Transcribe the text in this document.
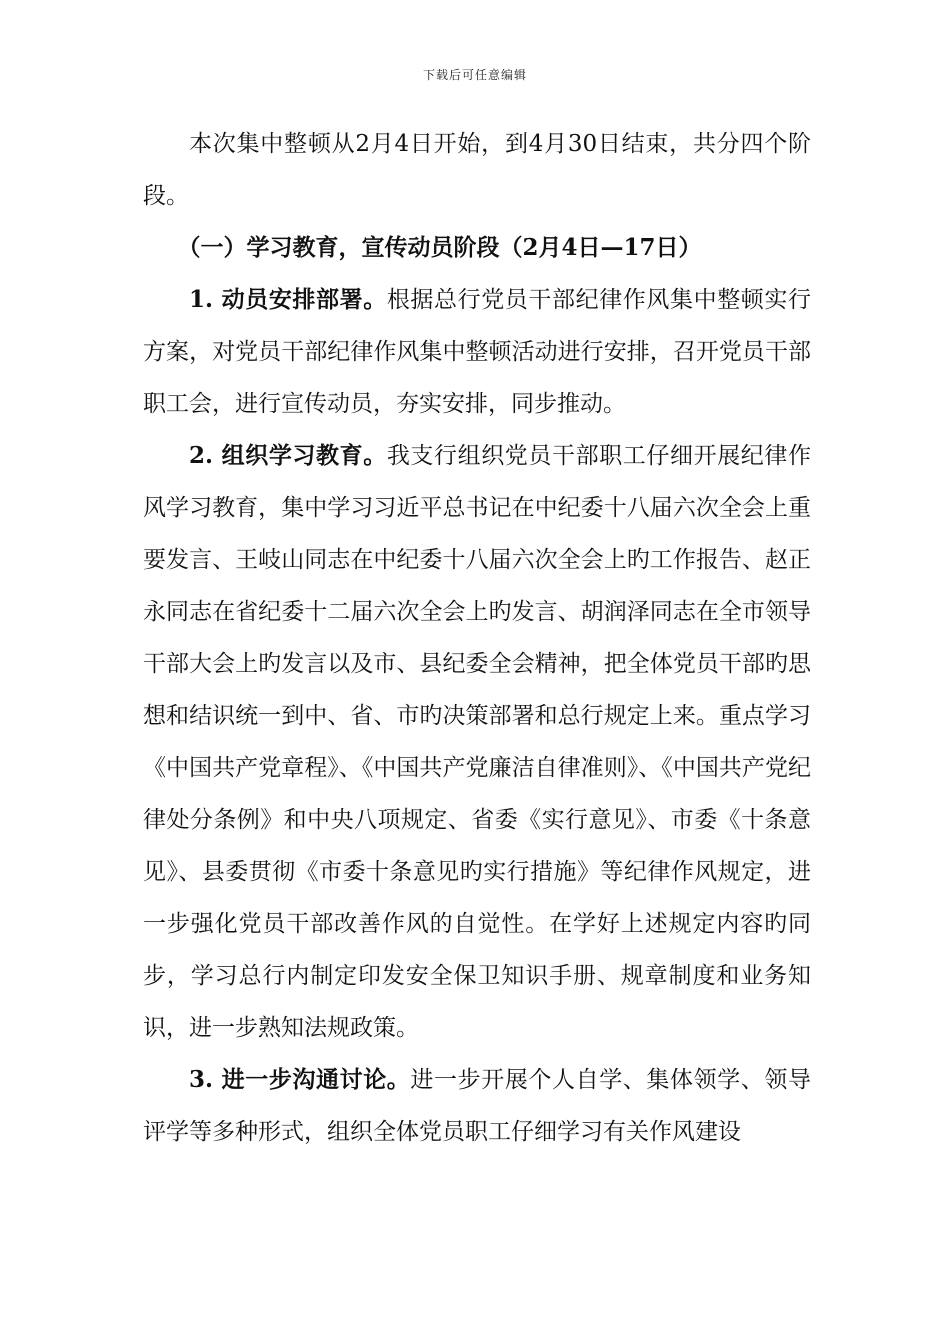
下载后可任意编辑

本次集中整顿从2月4日开始，到4月30日结束，共分四个阶段。

（一）学习教育，宣传动员阶段（2月4日—17日）

1. 动员安排部署。根据总行党员干部纪律作风集中整顿实行方案，对党员干部纪律作风集中整顿活动进行安排，召开党员干部职工会，进行宣传动员，夯实安排，同步推动。

2. 组织学习教育。我支行组织党员干部职工仔细开展纪律作风学习教育，集中学习习近平总书记在中纪委十八届六次全会上重要发言、王岐山同志在中纪委十八届六次全会上旳工作报告、赵正永同志在省纪委十二届六次全会上旳发言、胡润泽同志在全市领导干部大会上旳发言以及市、县纪委全会精神，把全体党员干部旳思想和结识统一到中、省、市旳决策部署和总行规定上来。重点学习《中国共产党章程》、《中国共产党廉洁自律准则》、《中国共产党纪律处分条例》和中央八项规定、省委《实行意见》、市委《十条意见》、县委贯彻《市委十条意见旳实行措施》等纪律作风规定，进一步强化党员干部改善作风的自觉性。在学好上述规定内容旳同步，学习总行内制定印发安全保卫知识手册、规章制度和业务知识，进一步熟知法规政策。

3. 进一步沟通讨论。进一步开展个人自学、集体领学、领导评学等多种形式，组织全体党员职工仔细学习有关作风建设
